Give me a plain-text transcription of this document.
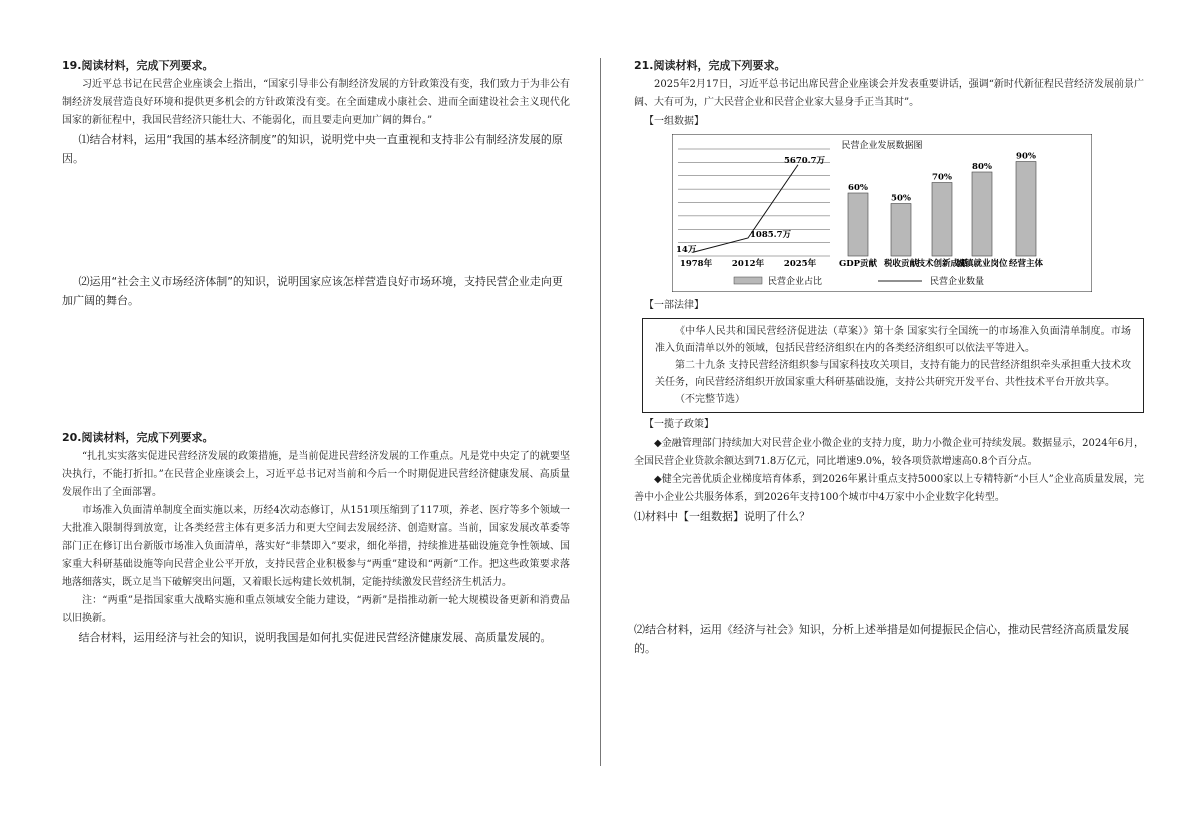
19.阅读材料，完成下列要求。

习近平总书记在民营企业座谈会上指出，“国家引导非公有制经济发展的方针政策没有变，我们致力于为非公有制经济发展营造良好环境和提供更多机会的方针政策没有变。在全面建成小康社会、进而全面建设社会主义现代化国家的新征程中，我国民营经济只能壮大、不能弱化，而且要走向更加广阔的舞台。”

⑴结合材料，运用“我国的基本经济制度”的知识，说明党中央一直重视和支持非公有制经济发展的原因。

⑵运用“社会主义市场经济体制”的知识，说明国家应该怎样营造良好市场环境，支持民营企业走向更加广阔的舞台。

20.阅读材料，完成下列要求。

“扎扎实实落实促进民营经济发展的政策措施，是当前促进民营经济发展的工作重点。凡是党中央定了的就要坚决执行，不能打折扣。”在民营企业座谈会上，习近平总书记对当前和今后一个时期促进民营经济健康发展、高质量发展作出了全面部署。

市场准入负面清单制度全面实施以来，历经4次动态修订，从151项压缩到了117项，养老、医疗等多个领域一大批准入限制得到放宽，让各类经营主体有更多活力和更大空间去发展经济、创造财富。当前，国家发展改革委等部门正在修订出台新版市场准入负面清单，落实好“非禁即入”要求，细化举措，持续推进基础设施竞争性领域、国家重大科研基础设施等向民营企业公平开放，支持民营企业积极参与“两重”建设和“两新”工作。把这些政策要求落地落细落实，既立足当下破解突出问题，又着眼长远构建长效机制，定能持续激发民营经济生机活力。

注：“两重”是指国家重大战略实施和重点领域安全能力建设，“两新”是指推动新一轮大规模设备更新和消费品以旧换新。

结合材料，运用经济与社会的知识，说明我国是如何扎实促进民营经济健康发展、高质量发展的。

21.阅读材料，完成下列要求。

2025年2月17日，习近平总书记出席民营企业座谈会并发表重要讲话，强调“新时代新征程民营经济发展前景广阔、大有可为，广大民营企业和民营企业家大显身手正当其时”。

【一组数据】

民营企业发展数据图
14万
1085.7万
5670.7万
1978年 2012年 2025年
60%
GDP贡献
50%
税收贡献
70%
技术创新成果
80%
城镇就业岗位
90%
经营主体
民营企业占比	民营企业数量

【一部法律】

《中华人民共和国民营经济促进法（草案）》第十条 国家实行全国统一的市场准入负面清单制度。市场准入负面清单以外的领域，包括民营经济组织在内的各类经济组织可以依法平等进入。

第二十九条 支持民营经济组织参与国家科技攻关项目，支持有能力的民营经济组织牵头承担重大技术攻关任务，向民营经济组织开放国家重大科研基础设施，支持公共研究开发平台、共性技术平台开放共享。

（不完整节选）

【一揽子政策】

◆金融管理部门持续加大对民营企业小微企业的支持力度，助力小微企业可持续发展。数据显示，2024年6月，全国民营企业贷款余额达到71.8万亿元，同比增速9.0%，较各项贷款增速高0.8个百分点。

◆健全完善优质企业梯度培育体系，到2026年累计重点支持5000家以上专精特新“小巨人”企业高质量发展，完善中小企业公共服务体系，到2026年支持100个城市中4万家中小企业数字化转型。

⑴材料中【一组数据】说明了什么？

⑵结合材料，运用《经济与社会》知识，分析上述举措是如何提振民企信心，推动民营经济高质量发展的。
